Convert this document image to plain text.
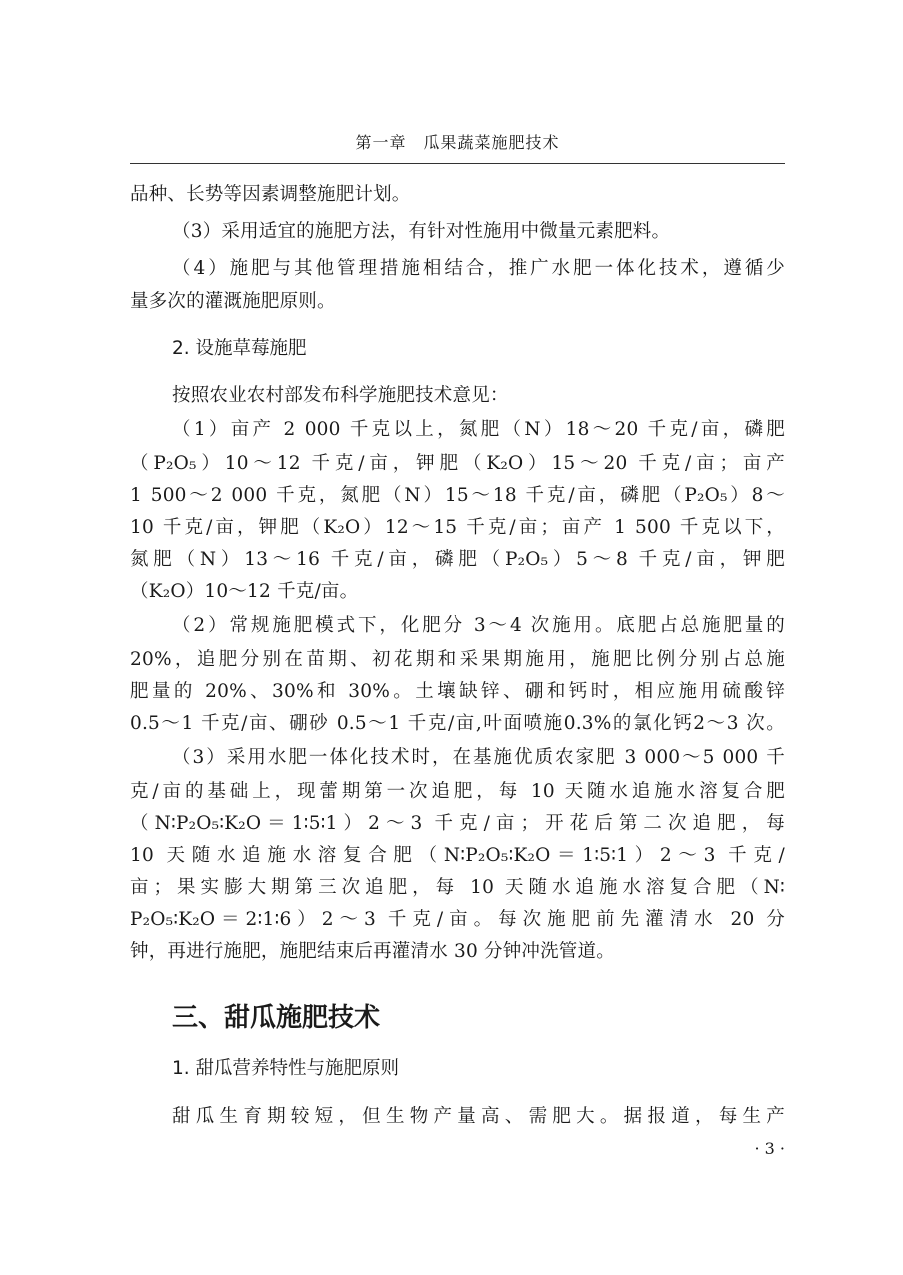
第一章　瓜果蔬菜施肥技术
品种、长势等因素调整施肥计划。
（3）采用适宜的施肥方法，有针对性施用中微量元素肥料。
（4）施肥与其他管理措施相结合，推广水肥一体化技术，遵循少
量多次的灌溉施肥原则。
2. 设施草莓施肥
按照农业农村部发布科学施肥技术意见：
（1）亩产 2 000 千克以上，氮肥（N）18～20 千克/亩，磷肥
（P₂O₅）10～12 千克/亩，钾肥（K₂O）15～20 千克/亩；亩产
1 500～2 000 千克，氮肥（N）15～18 千克/亩，磷肥（P₂O₅）8～
10 千克/亩，钾肥（K₂O）12～15 千克/亩；亩产 1 500 千克以下，
氮肥（N）13～16 千克/亩，磷肥（P₂O₅）5～8 千克/亩，钾肥
（K₂O）10～12 千克/亩。
（2）常规施肥模式下，化肥分 3～4 次施用。底肥占总施肥量的
20%，追肥分别在苗期、初花期和采果期施用，施肥比例分别占总施
肥量的 20%、30%和 30%。土壤缺锌、硼和钙时，相应施用硫酸锌
0.5～1 千克/亩、硼砂 0.5～1 千克/亩,叶面喷施0.3%的氯化钙2～3 次。
（3）采用水肥一体化技术时，在基施优质农家肥 3 000～5 000 千
克/亩的基础上，现蕾期第一次追肥，每 10 天随水追施水溶复合肥
（N∶P₂O₅∶K₂O＝1∶5∶1）2～3 千克/亩；开花后第二次追肥，每
10 天随水追施水溶复合肥（N∶P₂O₅∶K₂O＝1∶5∶1）2～3 千克/
亩；果实膨大期第三次追肥，每 10 天随水追施水溶复合肥（N∶
P₂O₅∶K₂O＝2∶1∶6）2～3 千克/亩。每次施肥前先灌清水 20 分
钟，再进行施肥，施肥结束后再灌清水 30 分钟冲洗管道。
三、甜瓜施肥技术
1. 甜瓜营养特性与施肥原则
甜瓜生育期较短，但生物产量高、需肥大。据报道，每生产
· 3 ·
